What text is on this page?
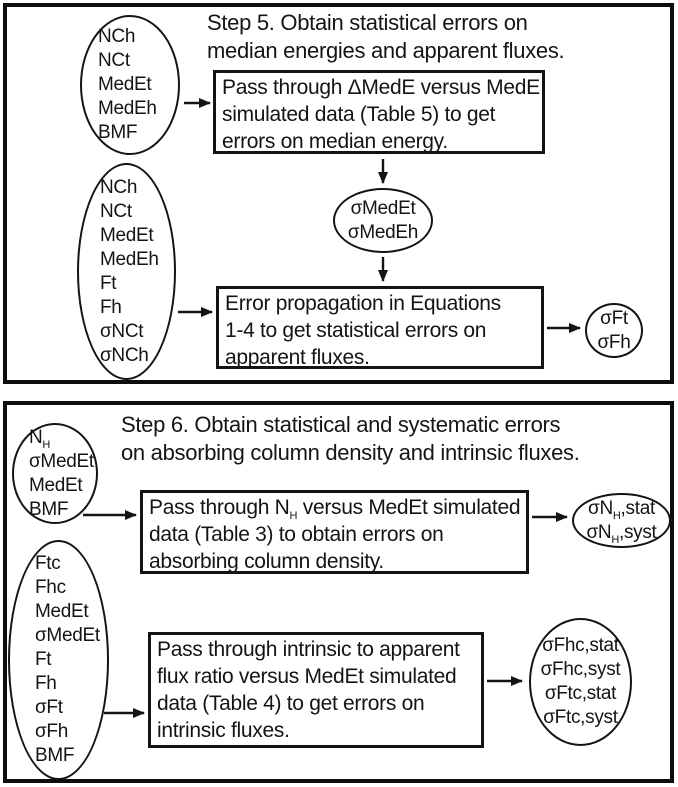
Step 5. Obtain statistical errors on
median energies and apparent fluxes.
NCh
NCt
MedEt
MedEh
BMF
Pass through ΔMedE versus MedE
simulated data (Table 5) to get
errors on median energy.
σMedEt
σMedEh
NCh
NCt
MedEt
MedEh
Ft
Fh
σNCt
σNCh
Error propagation in Equations
1-4 to get statistical errors on
apparent fluxes.
σFt
σFh
Step 6. Obtain statistical and systematic errors
on absorbing column density and intrinsic fluxes.
$N_H$
σMedEt
MedEt
BMF	Pass through $N_H$ versus MedEt simulated
data (Table 3) to obtain errors on
absorbing column density.
$\sigma N_H,stat$
$\sigma N_H,syst$
Ftc
Fhc
MedEt
σMedEt
Ft
Fh
σFt
σFh
BMF
Pass through intrinsic to apparent
flux ratio versus MedEt simulated
data (Table 4) to get errors on
intrinsic fluxes.
σFhc,stat
σFhc,syst
σFtc,stat
σFtc,syst
